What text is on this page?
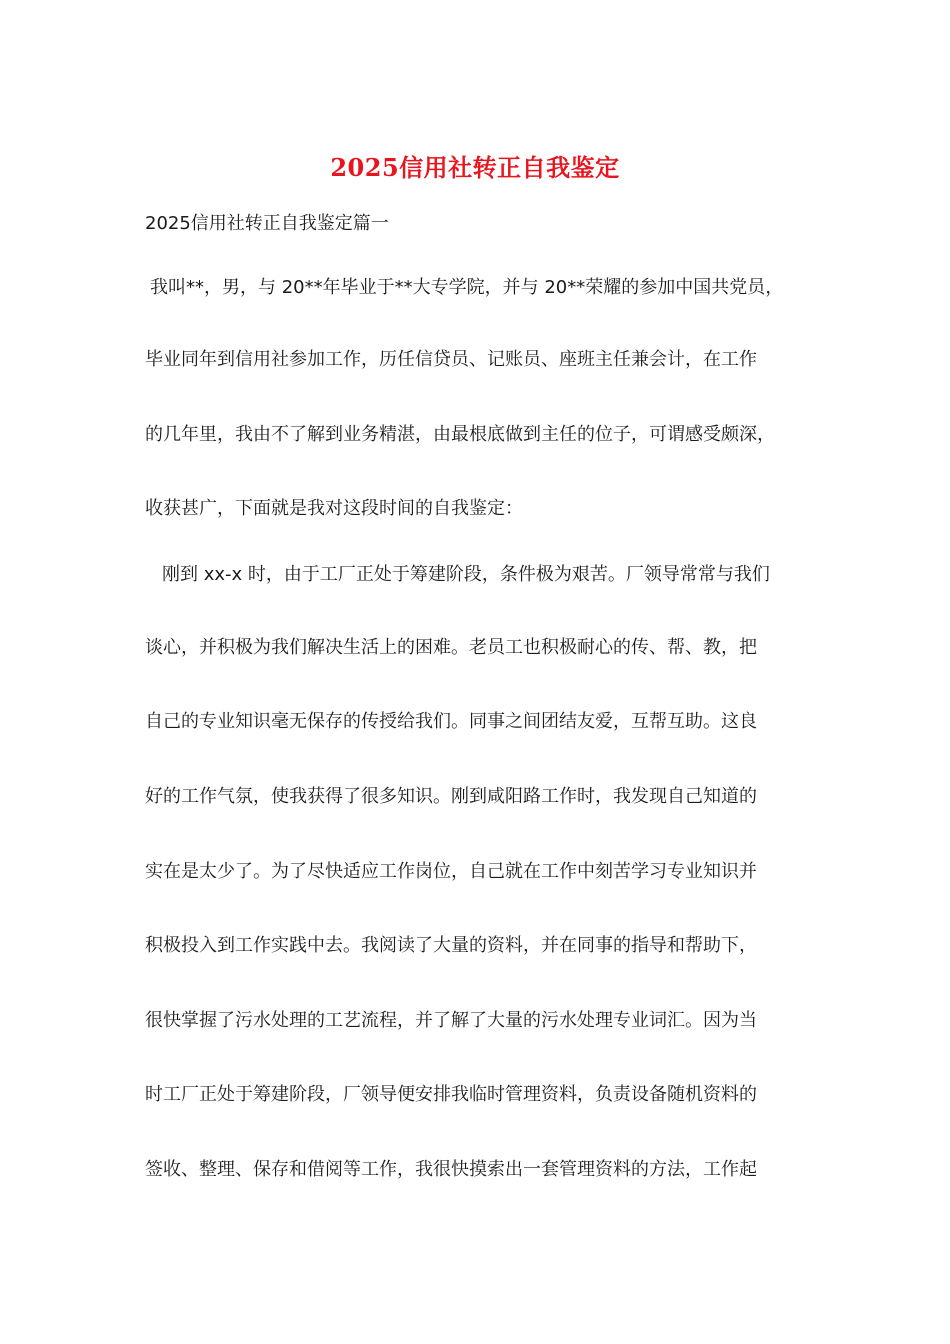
2025信用社转正自我鉴定

2025信用社转正自我鉴定篇一

我叫**，男，与 20**年毕业于**大专学院，并与 20**荣耀的参加中国共党员，

毕业同年到信用社参加工作，历任信贷员、记账员、座班主任兼会计，在工作

的几年里，我由不了解到业务精湛，由最根底做到主任的位子，可谓感受颇深，

收获甚广，下面就是我对这段时间的自我鉴定：

刚到 xx-x 时，由于工厂正处于筹建阶段，条件极为艰苦。厂领导常常与我们

谈心，并积极为我们解决生活上的困难。老员工也积极耐心的传、帮、教，把

自己的专业知识毫无保存的传授给我们。同事之间团结友爱，互帮互助。这良

好的工作气氛，使我获得了很多知识。刚到咸阳路工作时，我发现自己知道的

实在是太少了。为了尽快适应工作岗位，自己就在工作中刻苦学习专业知识并

积极投入到工作实践中去。我阅读了大量的资料，并在同事的指导和帮助下，

很快掌握了污水处理的工艺流程，并了解了大量的污水处理专业词汇。因为当

时工厂正处于筹建阶段，厂领导便安排我临时管理资料，负责设备随机资料的

签收、整理、保存和借阅等工作，我很快摸索出一套管理资料的方法，工作起
